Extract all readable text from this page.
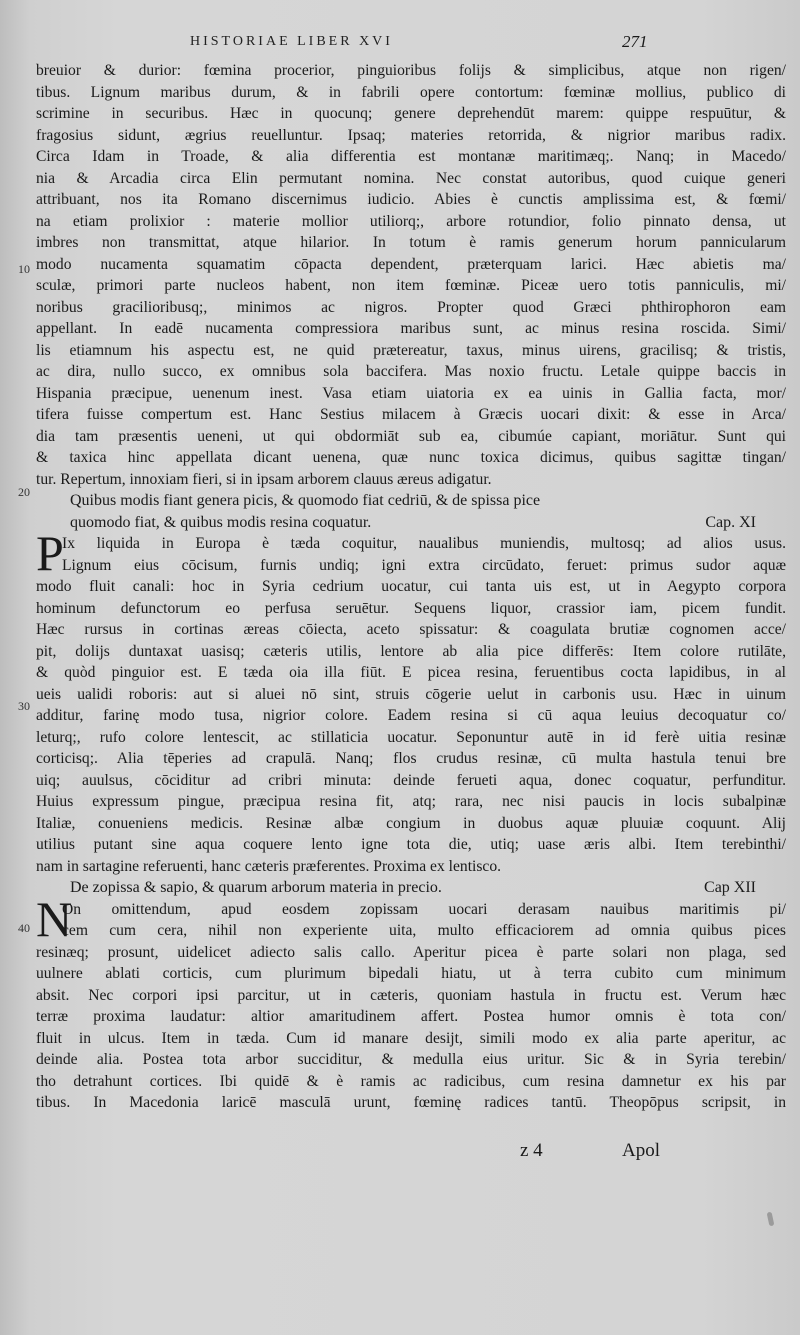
HISTORIAE LIBER XVI	271
breuior & durior: fœmina procerior, pinguioribus folijs & simplicibus, atque non rigen/
tibus. Lignum maribus durum, & in fabrili opere contortum: fœminæ mollius, publico di
scrimine in securibus. Hæc in quocunq; genere deprehendūt marem: quippe respuūtur, &
fragosius sidunt, ægrius reuelluntur. Ipsaq; materies retorrida, & nigrior maribus radix.
Circa Idam in Troade, & alia differentia est montanæ maritimæq;. Nanq; in Macedo/
nia & Arcadia circa Elin permutant nomina. Nec constat autoribus, quod cuique generi
attribuant, nos ita Romano discernimus iudicio. Abies è cunctis amplissima est, & fœmi/
na etiam prolixior : materie mollior utiliorq;, arbore rotundior, folio pinnato densa, ut
imbres non transmittat, atque hilarior. In totum è ramis generum horum pannicularum
modo nucamenta squamatim cōpacta dependent, præterquam larici. Hæc abietis ma/
sculæ, primori parte nucleos habent, non item fœminæ. Piceæ uero totis panniculis, mi/
noribus gracilioribusq;, minimos ac nigros. Propter quod Græci phthirophoron eam
appellant. In eadē nucamenta compressiora maribus sunt, ac minus resina roscida. Simi/
lis etiamnum his aspectu est, ne quid prætereatur, taxus, minus uirens, gracilisq; & tristis,
ac dira, nullo succo, ex omnibus sola baccifera. Mas noxio fructu. Letale quippe baccis in
Hispania præcipue, uenenum inest. Vasa etiam uiatoria ex ea uinis in Gallia facta, mor/
tifera fuisse compertum est. Hanc Sestius milacem à Græcis uocari dixit: & esse in Arca/
dia tam præsentis ueneni, ut qui obdormiāt sub ea, cibumúe capiant, moriātur. Sunt qui
& taxica hinc appellata dicant uenena, quæ nunc toxica dicimus, quibus sagittæ tingan/
tur. Repertum, innoxiam fieri, si in ipsam arborem clauus æreus adigatur.
Quibus modis fiant genera picis, & quomodo fiat cedriū, & de spissa pice
quomodo fiat, & quibus modis resina coquatur.	Cap. XI
P
Ix liquida in Europa è tæda coquitur, naualibus muniendis, multosq; ad alios usus.
Lignum eius cōcisum, furnis undiq; igni extra circūdato, feruet: primus sudor aquæ
modo fluit canali: hoc in Syria cedrium uocatur, cui tanta uis est, ut in Aegypto corpora
hominum defunctorum eo perfusa seruētur. Sequens liquor, crassior iam, picem fundit.
Hæc rursus in cortinas æreas cōiecta, aceto spissatur: & coagulata brutiæ cognomen acce/
pit, dolijs duntaxat uasisq; cæteris utilis, lentore ab alia pice differēs: Item colore rutilāte,
& quòd pinguior est. E tæda oia illa fiūt. E picea resina, feruentibus cocta lapidibus, in al
ueis ualidi roboris: aut si aluei nō sint, struis cōgerie uelut in carbonis usu. Hæc in uinum
additur, farinę modo tusa, nigrior colore. Eadem resina si cū aqua leuius decoquatur co/
leturq;, rufo colore lentescit, ac stillaticia uocatur. Seponuntur autē in id ferè uitia resinæ
corticisq;. Alia tēperies ad crapulā. Nanq; flos crudus resinæ, cū multa hastula tenui bre
uiq; auulsus, cōciditur ad cribri minuta: deinde ferueti aqua, donec coquatur, perfunditur.
Huius expressum pingue, præcipua resina fit, atq; rara, nec nisi paucis in locis subalpinæ
Italiæ, conueniens medicis. Resinæ albæ congium in duobus aquæ pluuiæ coquunt. Alij
utilius putant sine aqua coquere lento igne tota die, utiq; uase æris albi. Item terebinthi/
nam in sartagine referuenti, hanc cæteris præferentes. Proxima ex lentisco.
De zopissa & sapio, & quarum arborum materia in precio.	Cap XII
N
On omittendum, apud eosdem zopissam uocari derasam nauibus maritimis pi/
cem cum cera, nihil non experiente uita, multo efficaciorem ad omnia quibus pices
resinæq; prosunt, uidelicet adiecto salis callo. Aperitur picea è parte solari non plaga, sed
uulnere ablati corticis, cum plurimum bipedali hiatu, ut à terra cubito cum minimum
absit. Nec corpori ipsi parcitur, ut in cæteris, quoniam hastula in fructu est. Verum hæc
terræ proxima laudatur: altior amaritudinem affert. Postea humor omnis è tota con/
fluit in ulcus. Item in tæda. Cum id manare desijt, simili modo ex alia parte aperitur, ac
deinde alia. Postea tota arbor succiditur, & medulla eius uritur. Sic & in Syria terebin/
tho detrahunt cortices. Ibi quidē & è ramis ac radicibus, cum resina damnetur ex his par
tibus. In Macedonia laricē masculā urunt, fœminę radices tantū. Theopōpus scripsit, in
10
20
30
40
z 4	Apol
